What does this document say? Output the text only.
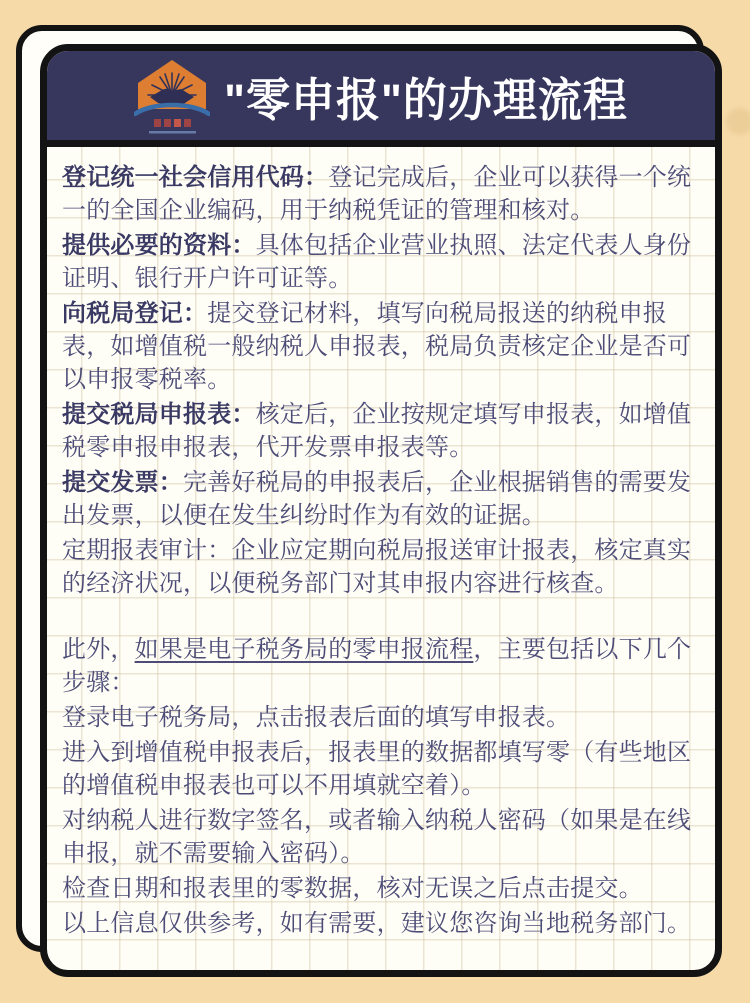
"零申报"的办理流程

登记统一社会信用代码：登记完成后，企业可以获得一个统一的全国企业编码，用于纳税凭证的管理和核对。

提供必要的资料：具体包括企业营业执照、法定代表人身份证明、银行开户许可证等。

向税局登记：提交登记材料，填写向税局报送的纳税申报表，如增值税一般纳税人申报表，税局负责核定企业是否可以申报零税率。

提交税局申报表：核定后，企业按规定填写申报表，如增值税零申报申报表，代开发票申报表等。

提交发票：完善好税局的申报表后，企业根据销售的需要发出发票，以便在发生纠纷时作为有效的证据。

定期报表审计：企业应定期向税局报送审计报表，核定真实的经济状况，以便税务部门对其申报内容进行核查。

此外，如果是电子税务局的零申报流程，主要包括以下几个步骤：

登录电子税务局，点击报表后面的填写申报表。

进入到增值税申报表后，报表里的数据都填写零（有些地区的增值税申报表也可以不用填就空着）。

对纳税人进行数字签名，或者输入纳税人密码（如果是在线申报，就不需要输入密码）。

检查日期和报表里的零数据，核对无误之后点击提交。

以上信息仅供参考，如有需要，建议您咨询当地税务部门。
